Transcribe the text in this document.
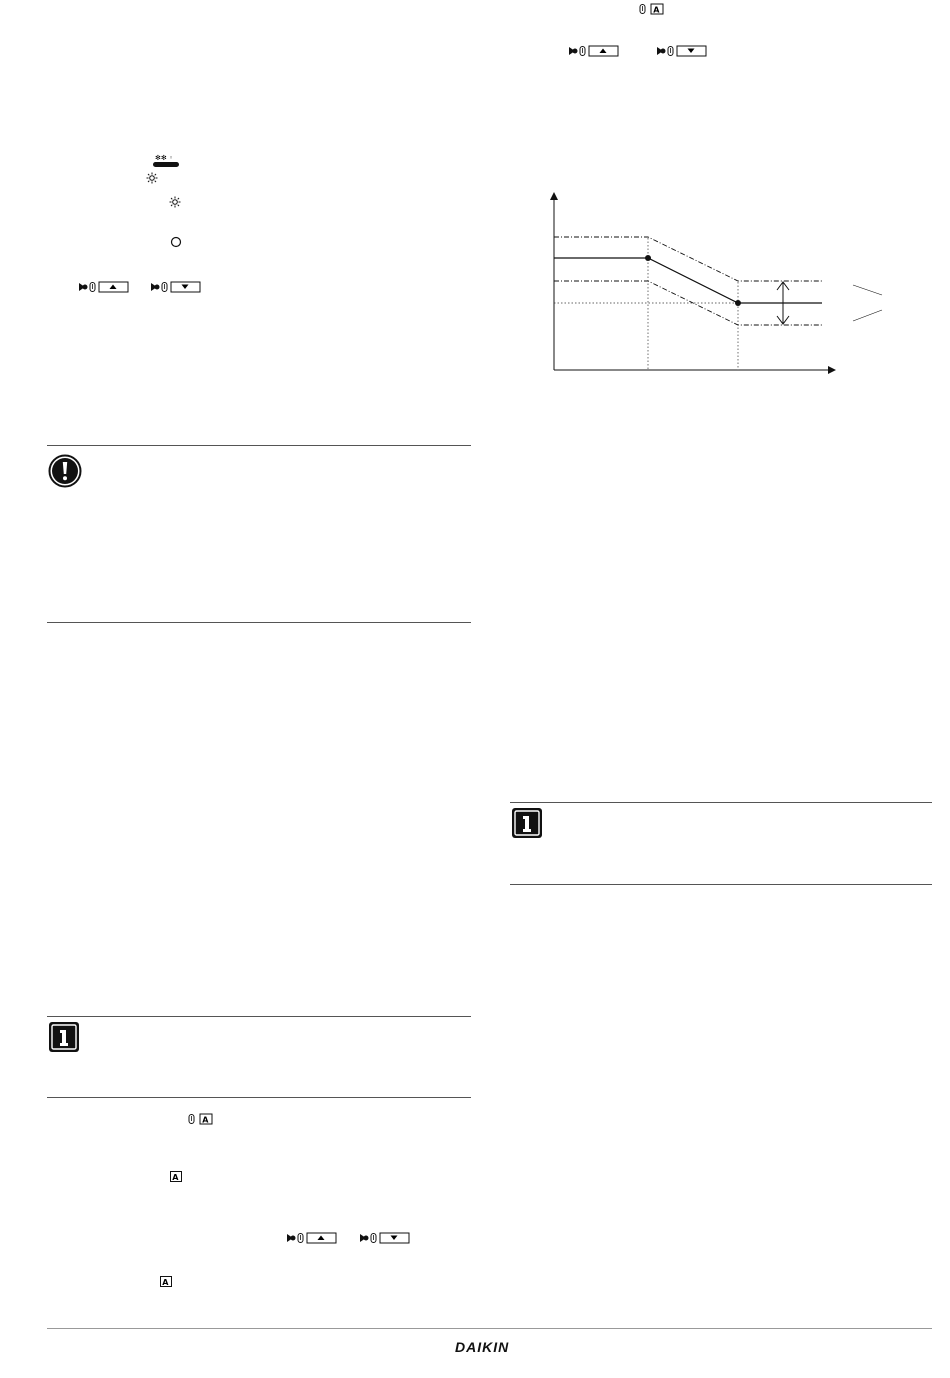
✻✻ ◦
A
A
A
A
DAIKIN
